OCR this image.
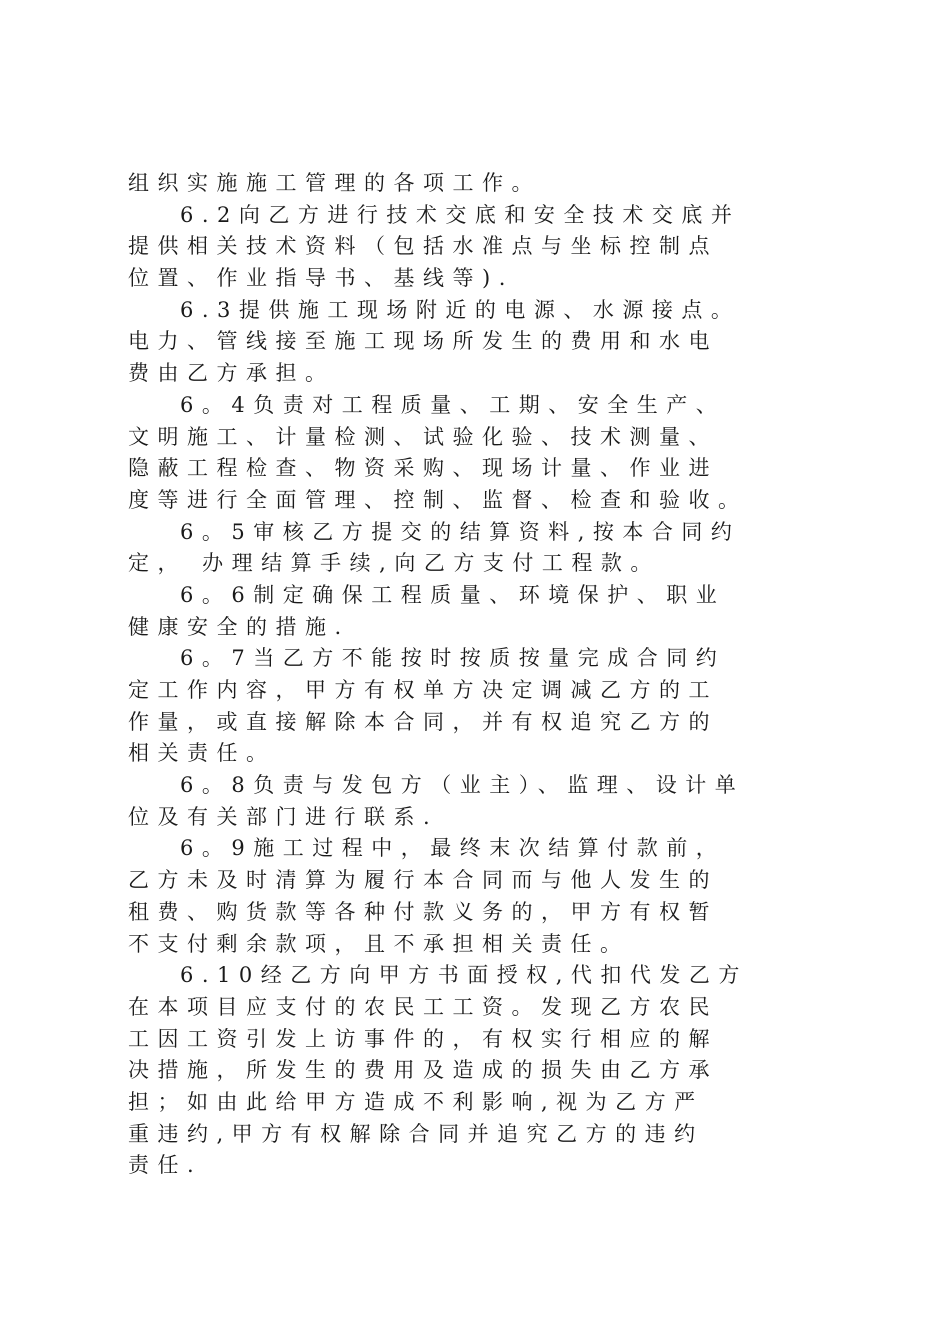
组织实施施工管理的各项工作。
6.2向乙方进行技术交底和安全技术交底并
提供相关技术资料（包括水准点与坐标控制点
位置、作业指导书、基线等).
6.3提供施工现场附近的电源、水源接点。
电力、管线接至施工现场所发生的费用和水电
费由乙方承担。
6。4负责对工程质量、工期、安全生产、
文明施工、计量检测、试验化验、技术测量、
隐蔽工程检查、物资采购、现场计量、作业进
度等进行全面管理、控制、监督、检查和验收。
6。5审核乙方提交的结算资料,按本合同约
定， 办理结算手续,向乙方支付工程款。
6。6制定确保工程质量、环境保护、职业
健康安全的措施.
6。7当乙方不能按时按质按量完成合同约
定工作内容，甲方有权单方决定调减乙方的工
作量，或直接解除本合同，并有权追究乙方的
相关责任。
6。8负责与发包方（业主）、监理、设计单
位及有关部门进行联系.
6。9施工过程中，最终末次结算付款前，
乙方未及时清算为履行本合同而与他人发生的
租费、购货款等各种付款义务的，甲方有权暂
不支付剩余款项，且不承担相关责任。
6.10经乙方向甲方书面授权,代扣代发乙方
在本项目应支付的农民工工资。发现乙方农民
工因工资引发上访事件的，有权实行相应的解
决措施，所发生的费用及造成的损失由乙方承
担；如由此给甲方造成不利影响,视为乙方严
重违约,甲方有权解除合同并追究乙方的违约
责任.
